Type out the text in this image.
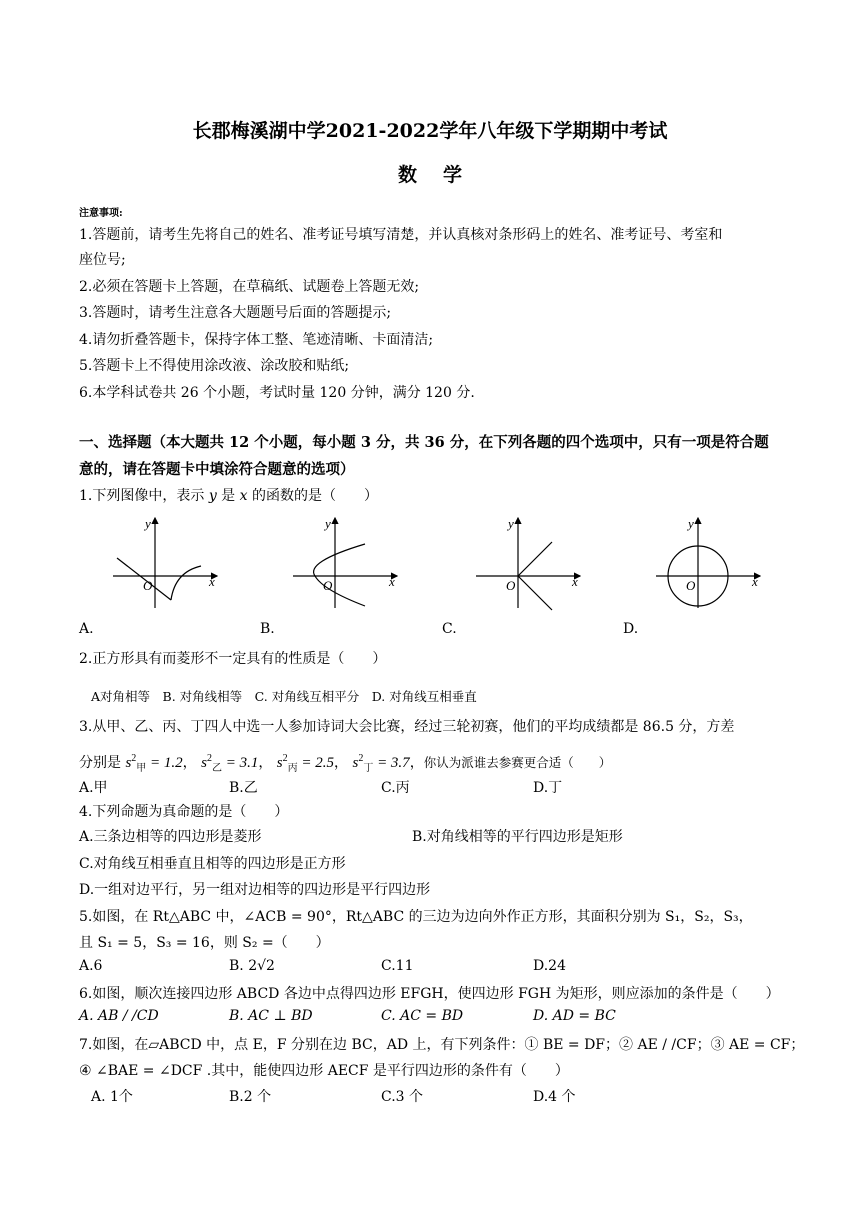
长郡梅溪湖中学2021-2022学年八年级下学期期中考试
数学
注意事项:
1.答题前，请考生先将自己的姓名、准考证号填写清楚，并认真核对条形码上的姓名、准考证号、考室和
座位号;
2.必须在答题卡上答题，在草稿纸、试题卷上答题无效;
3.答题时，请考生注意各大题题号后面的答题提示;
4.请勿折叠答题卡，保持字体工整、笔迹清晰、卡面清洁;
5.答题卡上不得使用涂改液、涂改胶和贴纸;
6.本学科试卷共 26 个小题，考试时量 120 分钟，满分 120 分.
一、选择题（本大题共 12 个小题，每小题 3 分，共 36 分，在下列各题的四个选项中，只有一项是符合题
意的，请在答题卡中填涂符合题意的选项）
1.下列图像中，表示 y 是 x 的函数的是（　　）
y
x
O
y
x
O
y
x
O
y
x
O
A.	B.	C.	D.
2.正方形具有而菱形不一定具有的性质是（　　）
A对角相等　B. 对角线相等　C. 对角线互相平分　D. 对角线互相垂直
3.从甲、乙、丙、丁四人中选一人参加诗词大会比赛，经过三轮初赛，他们的平均成绩都是 86.5 分，方差
分别是 $s^2_甲 = 1.2$， $s^2_乙 = 3.1$， $s^2_丙 = 2.5$， $s^2_丁 = 3.7$，你认为派谁去参赛更合适（　　）
A.甲	B.乙	C.丙	D.丁
4.下列命题为真命题的是（　　）
A.三条边相等的四边形是菱形	B.对角线相等的平行四边形是矩形
C.对角线互相垂直且相等的四边形是正方形
D.一组对边平行，另一组对边相等的四边形是平行四边形
5.如图，在 Rt△ABC 中，∠ACB = 90°，Rt△ABC 的三边为边向外作正方形，其面积分别为 S₁，S₂，S₃，
且 S₁ = 5，S₃ = 16，则 S₂ =（　　）
A.6	B. 2√2	C.11	D.24
6.如图，顺次连接四边形 ABCD 各边中点得四边形 EFGH，使四边形 FGH 为矩形，则应添加的条件是（　　）
A. AB / /CD	B. AC ⊥ BD	C. AC = BD	D. AD = BC
7.如图，在▱ABCD 中，点 E，F 分别在边 BC，AD 上，有下列条件：① BE = DF；② AE / /CF；③ AE = CF；
④ ∠BAE = ∠DCF .其中，能使四边形 AECF 是平行四边形的条件有（　　）
A. 1个	B.2 个	C.3 个	D.4 个
